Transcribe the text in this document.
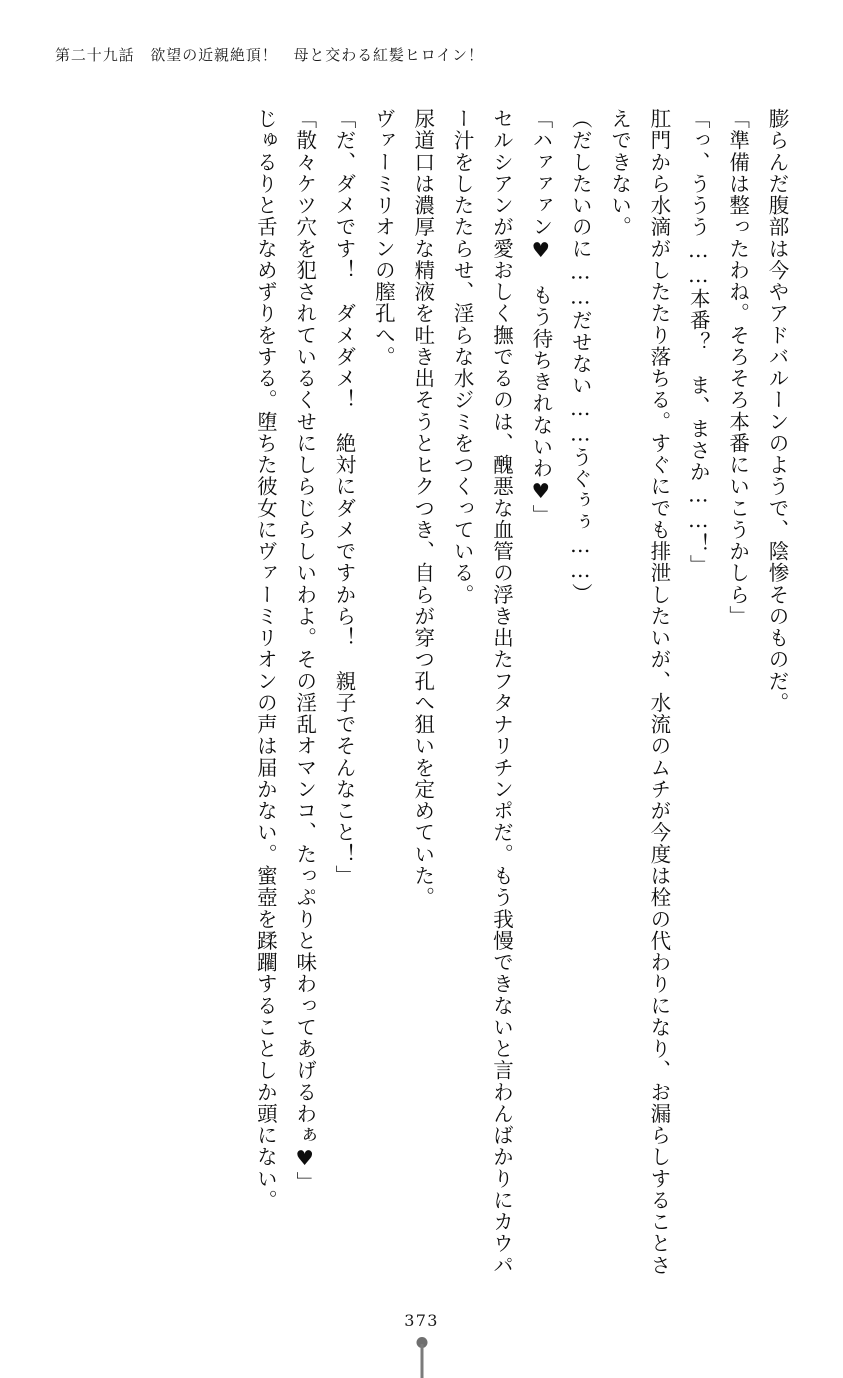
第二十九話　欲望の近親絶頂！　母と交わる紅髪ヒロイン！

膨らんだ腹部は今やアドバルーンのようで、陰惨そのものだ。

「準備は整ったわね。そろそろ本番にいこうかしら」

「っ、ううう……本番？　ま、まさか……！」

肛門から水滴がしたたり落ちる。すぐにでも排泄したいが、水流のムチが今度は栓の代わりになり、お漏らしすることさえできない。

（だしたいのに……だせない……うぐぅぅ……）

「ハァァァン♥　もう待ちきれないわ♥」

セルシアンが愛おしく撫でるのは、醜悪な血管の浮き出たフタナリチンポだ。もう我慢できないと言わんばかりにカウパー汁をしたたらせ、淫らな水ジミをつくっている。

尿道口は濃厚な精液を吐き出そうとヒクつき、自らが穿つ孔へ狙いを定めていた。

ヴァーミリオンの膣孔へ。

「だ、ダメです！　ダメダメ！　絶対にダメですから！　親子でそんなこと！」

「散々ケツ穴を犯されているくせにしらじらしいわよ。その淫乱オマンコ、たっぷりと味わってあげるわぁ♥」

じゅるりと舌なめずりをする。堕ちた彼女にヴァーミリオンの声は届かない。蜜壺を蹂躙することしか頭にない。

373
